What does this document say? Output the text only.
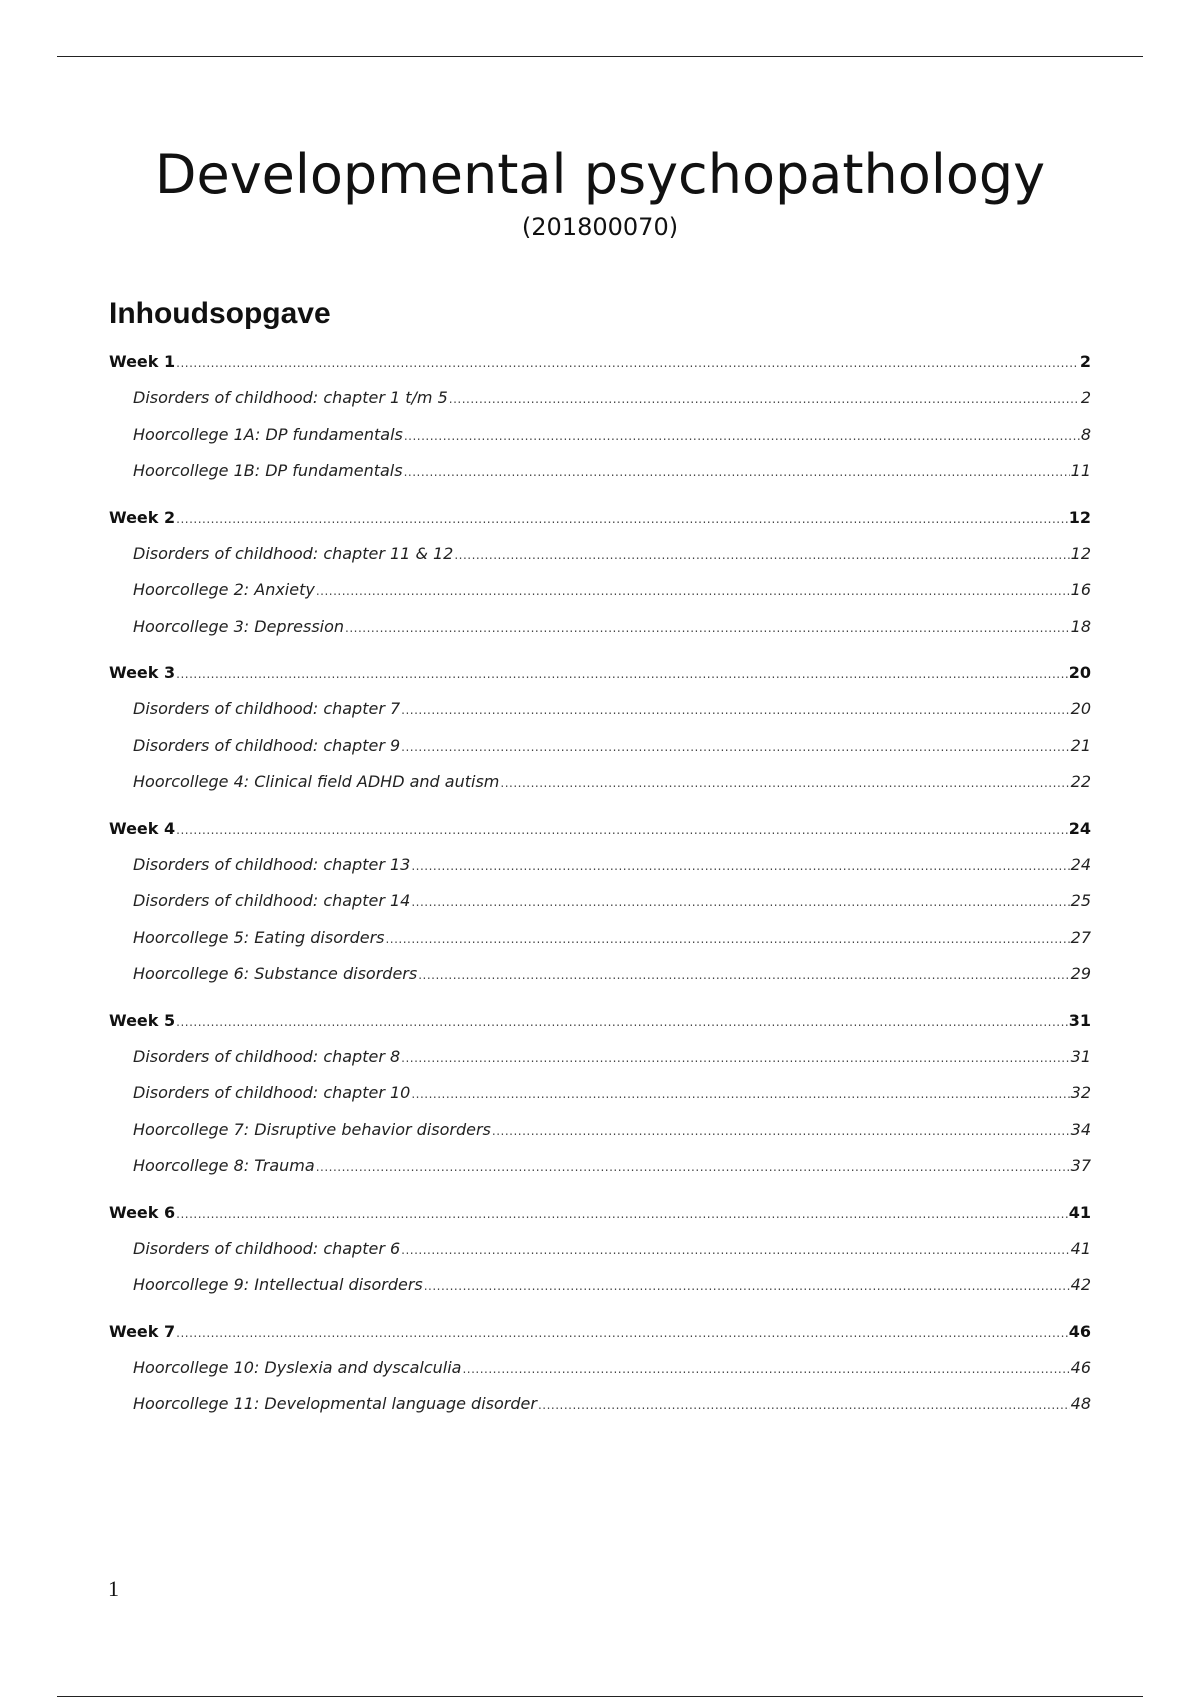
Developmental psychopathology
(201800070)
Inhoudsopgave
Week 1 .....	2
Disorders of childhood: chapter 1 t/m 5 .....	2
Hoorcollege 1A: DP fundamentals .....	8
Hoorcollege 1B: DP fundamentals .....	11
Week 2 .....	12
Disorders of childhood: chapter 11 & 12 .....	12
Hoorcollege 2: Anxiety .....	16
Hoorcollege 3: Depression .....	18
Week 3 .....	20
Disorders of childhood: chapter 7 .....	20
Disorders of childhood: chapter 9 .....	21
Hoorcollege 4: Clinical field ADHD and autism .....	22
Week 4 .....	24
Disorders of childhood: chapter 13 .....	24
Disorders of childhood: chapter 14 .....	25
Hoorcollege 5: Eating disorders .....	27
Hoorcollege 6: Substance disorders .....	29
Week 5 .....	31
Disorders of childhood: chapter 8 .....	31
Disorders of childhood: chapter 10 .....	32
Hoorcollege 7: Disruptive behavior disorders .....	34
Hoorcollege 8: Trauma .....	37
Week 6 .....	41
Disorders of childhood: chapter 6 .....	41
Hoorcollege 9: Intellectual disorders .....	42
Week 7 .....	46
Hoorcollege 10: Dyslexia and dyscalculia .....	46
Hoorcollege 11: Developmental language disorder .....	48
1
